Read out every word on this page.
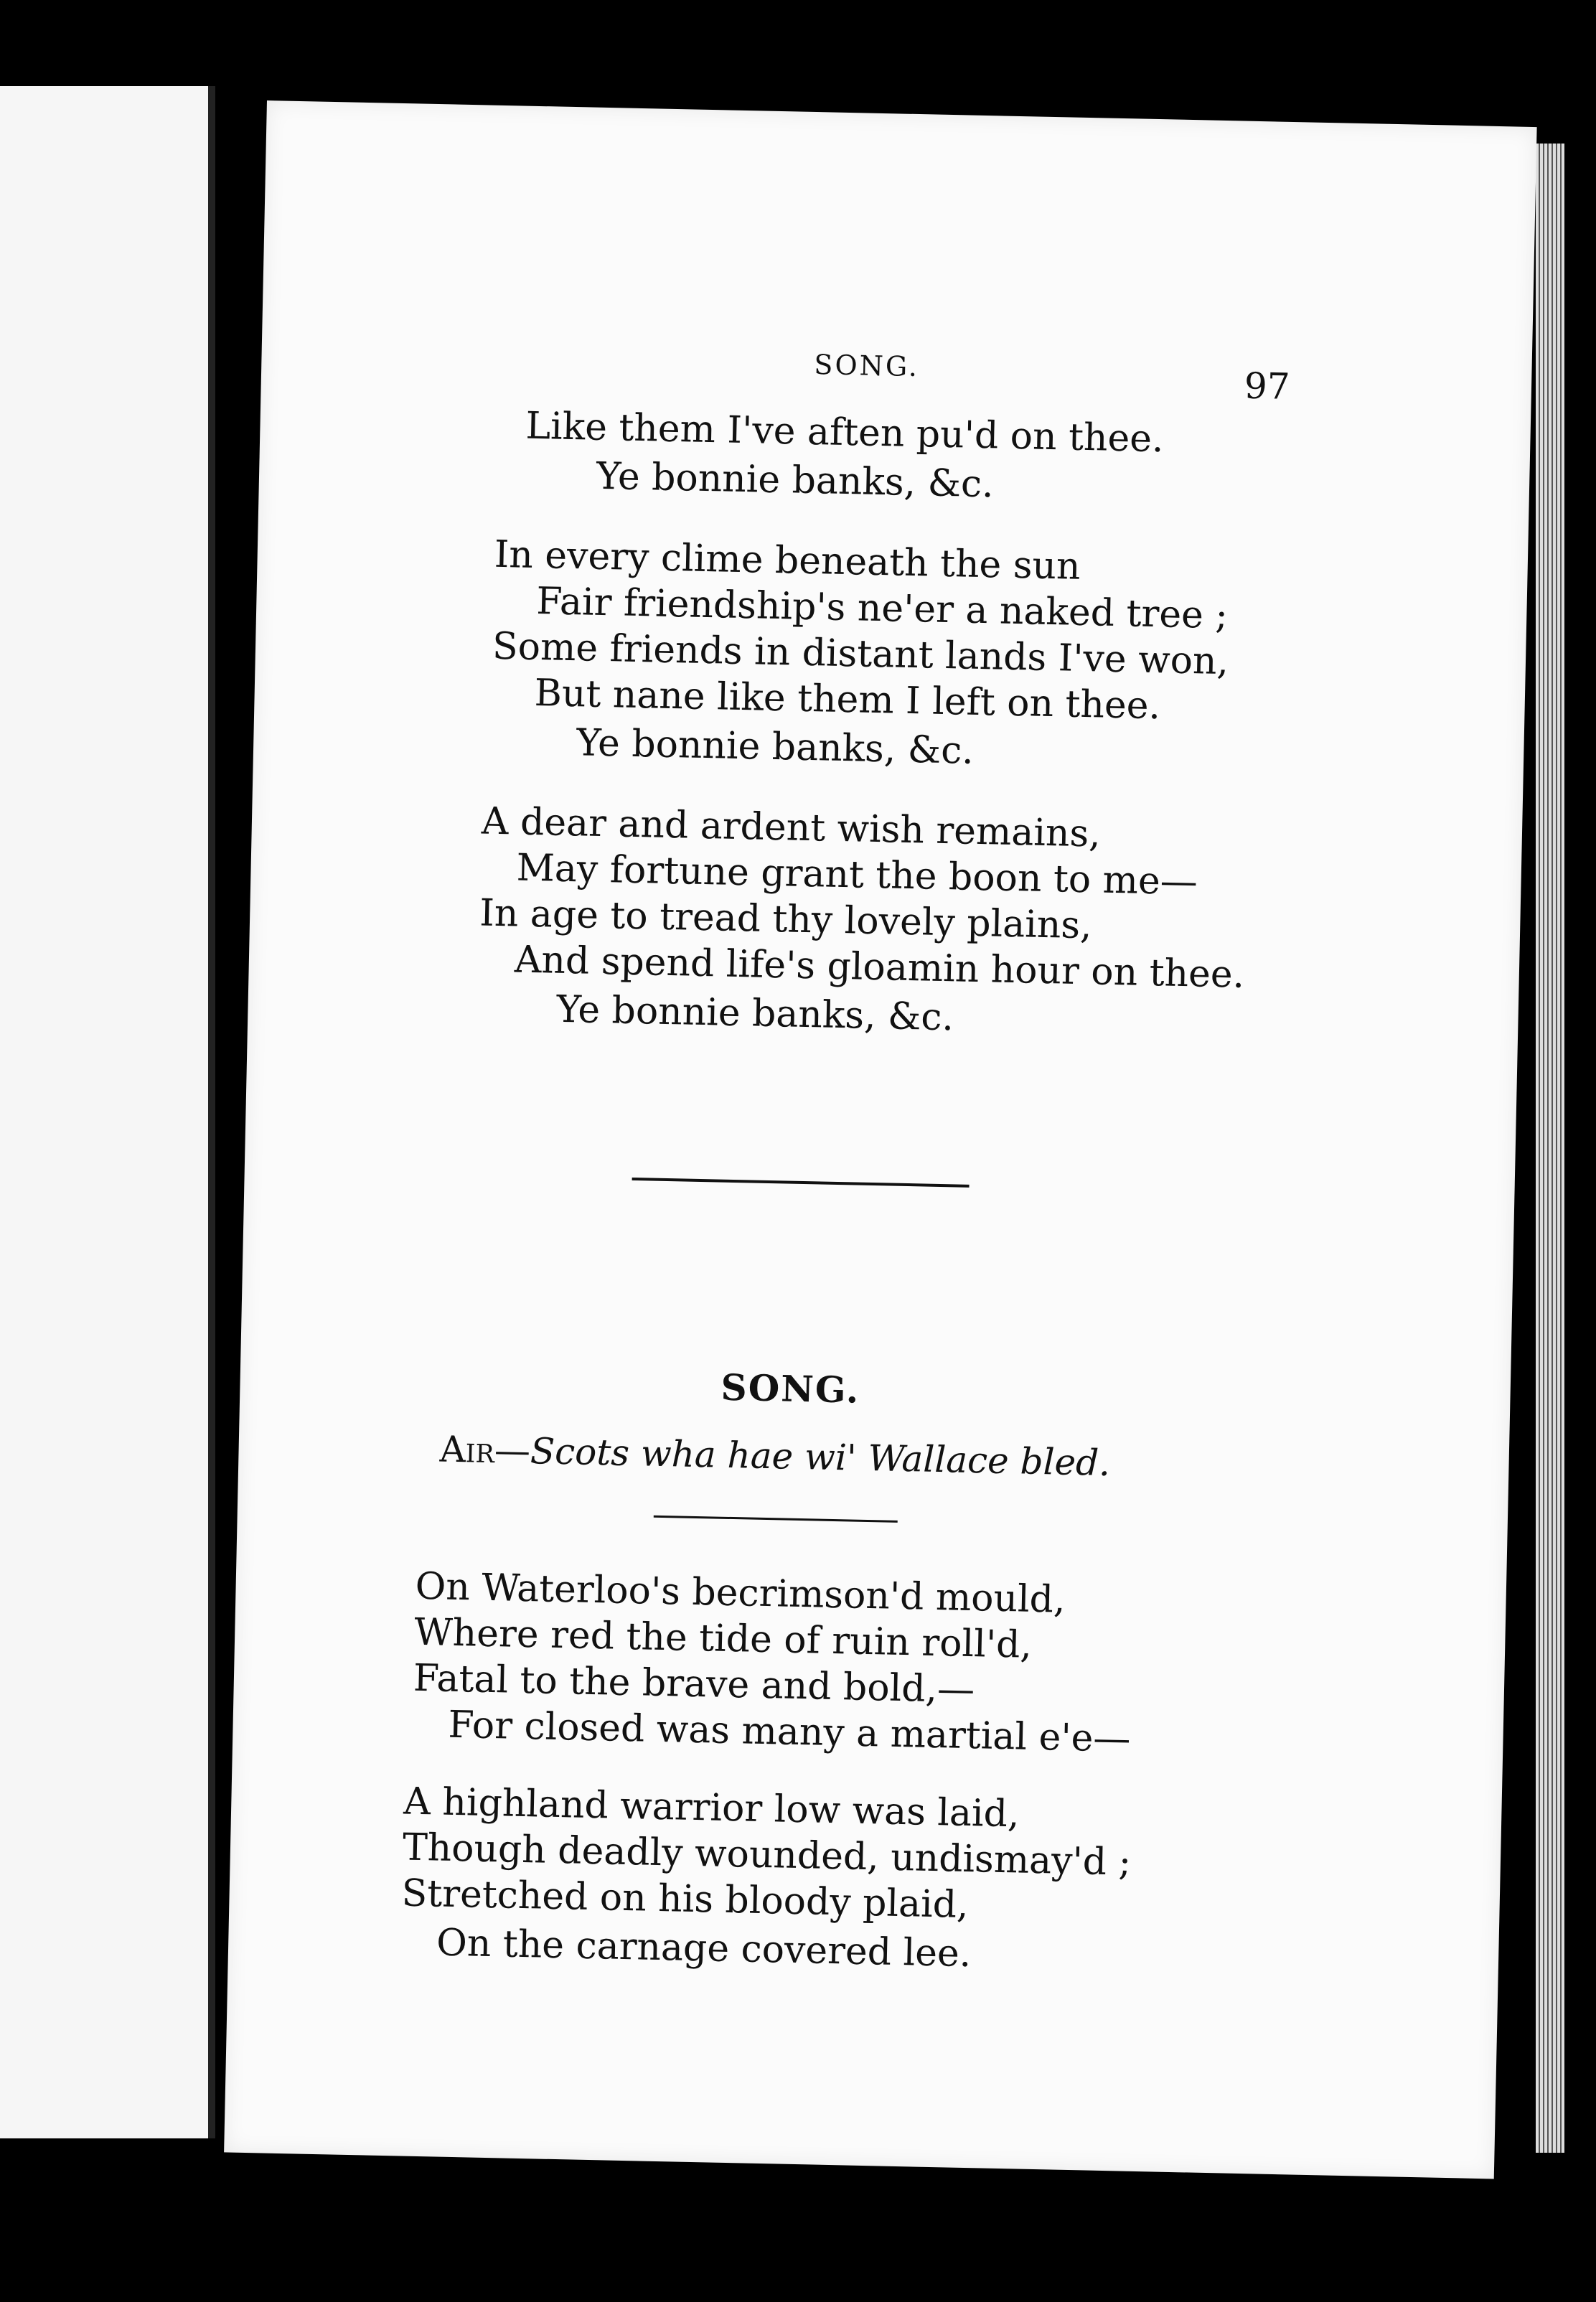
SONG.	97
Like them I've aften pu'd on thee.
Ye bonnie banks, &c.
In every clime beneath the sun
Fair friendship's ne'er a naked tree ;
Some friends in distant lands I've won,
But nane like them I left on thee.
Ye bonnie banks, &c.
A dear and ardent wish remains,
May fortune grant the boon to me—
In age to tread thy lovely plains,
And spend life's gloamin hour on thee.
Ye bonnie banks, &c.
SONG.
Air—Scots wha hae wi' Wallace bled.
On Waterloo's becrimson'd mould,
Where red the tide of ruin roll'd,
Fatal to the brave and bold,—
For closed was many a martial e'e—
A highland warrior low was laid,
Though deadly wounded, undismay'd ;
Stretched on his bloody plaid,
On the carnage covered lee.
